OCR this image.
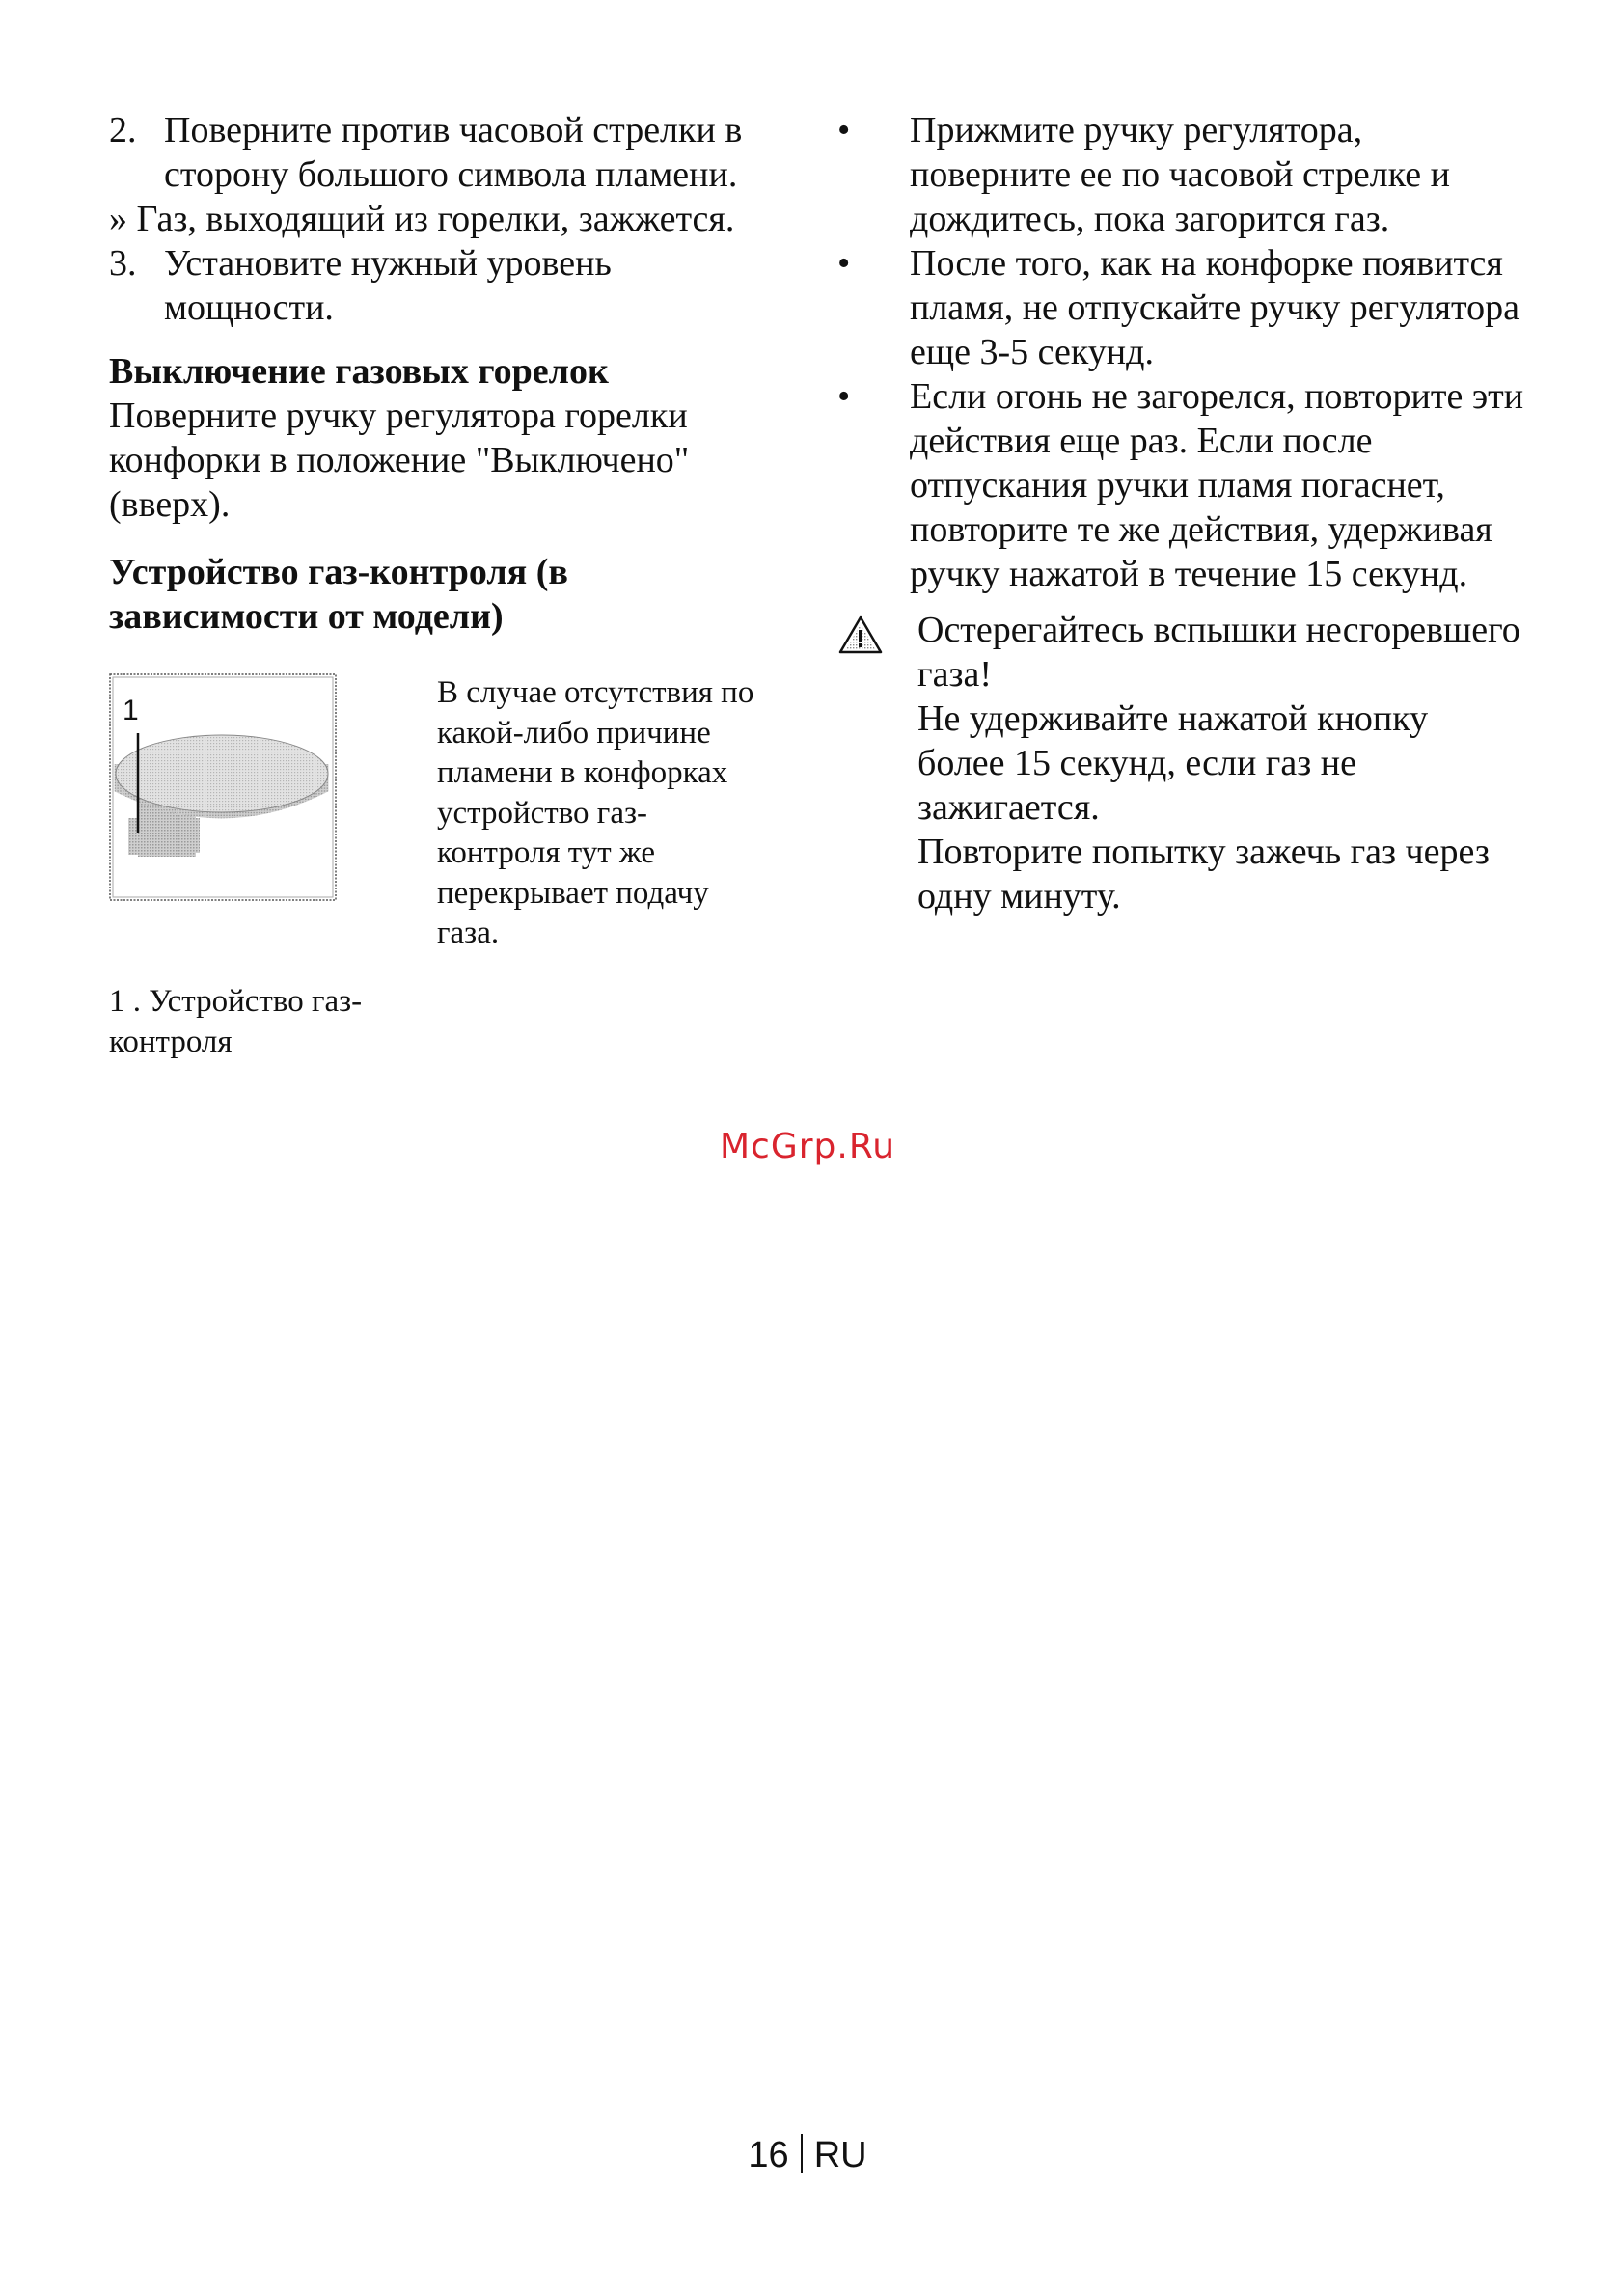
2. Поверните против часовой стрелки в сторону большого символа пламени.
» Газ, выходящий из горелки, зажжется.
3. Установите нужный уровень мощности.
Выключение газовых горелок
Поверните ручку регулятора горелки конфорки в положение "Выключено" (вверх).
Устройство газ-контроля (в зависимости от модели)
1
В случае отсутствия по какой-либо причине пламени в конфорках устройство газ-контроля тут же перекрывает подачу газа.
1 . Устройство газ-контроля
• Прижмите ручку регулятора, поверните ее по часовой стрелке и дождитесь, пока загорится газ.
• После того, как на конфорке появится пламя, не отпускайте ручку регулятора еще 3-5 секунд.
• Если огонь не загорелся, повторите эти действия еще раз. Если после отпускания ручки пламя погаснет, повторите те же действия, удерживая ручку нажатой в течение 15 секунд.
Остерегайтесь вспышки несгоревшего газа!
Не удерживайте нажатой кнопку более 15 секунд, если газ не зажигается.
Повторите попытку зажечь газ через одну минуту.
McGrp.Ru
16 RU
